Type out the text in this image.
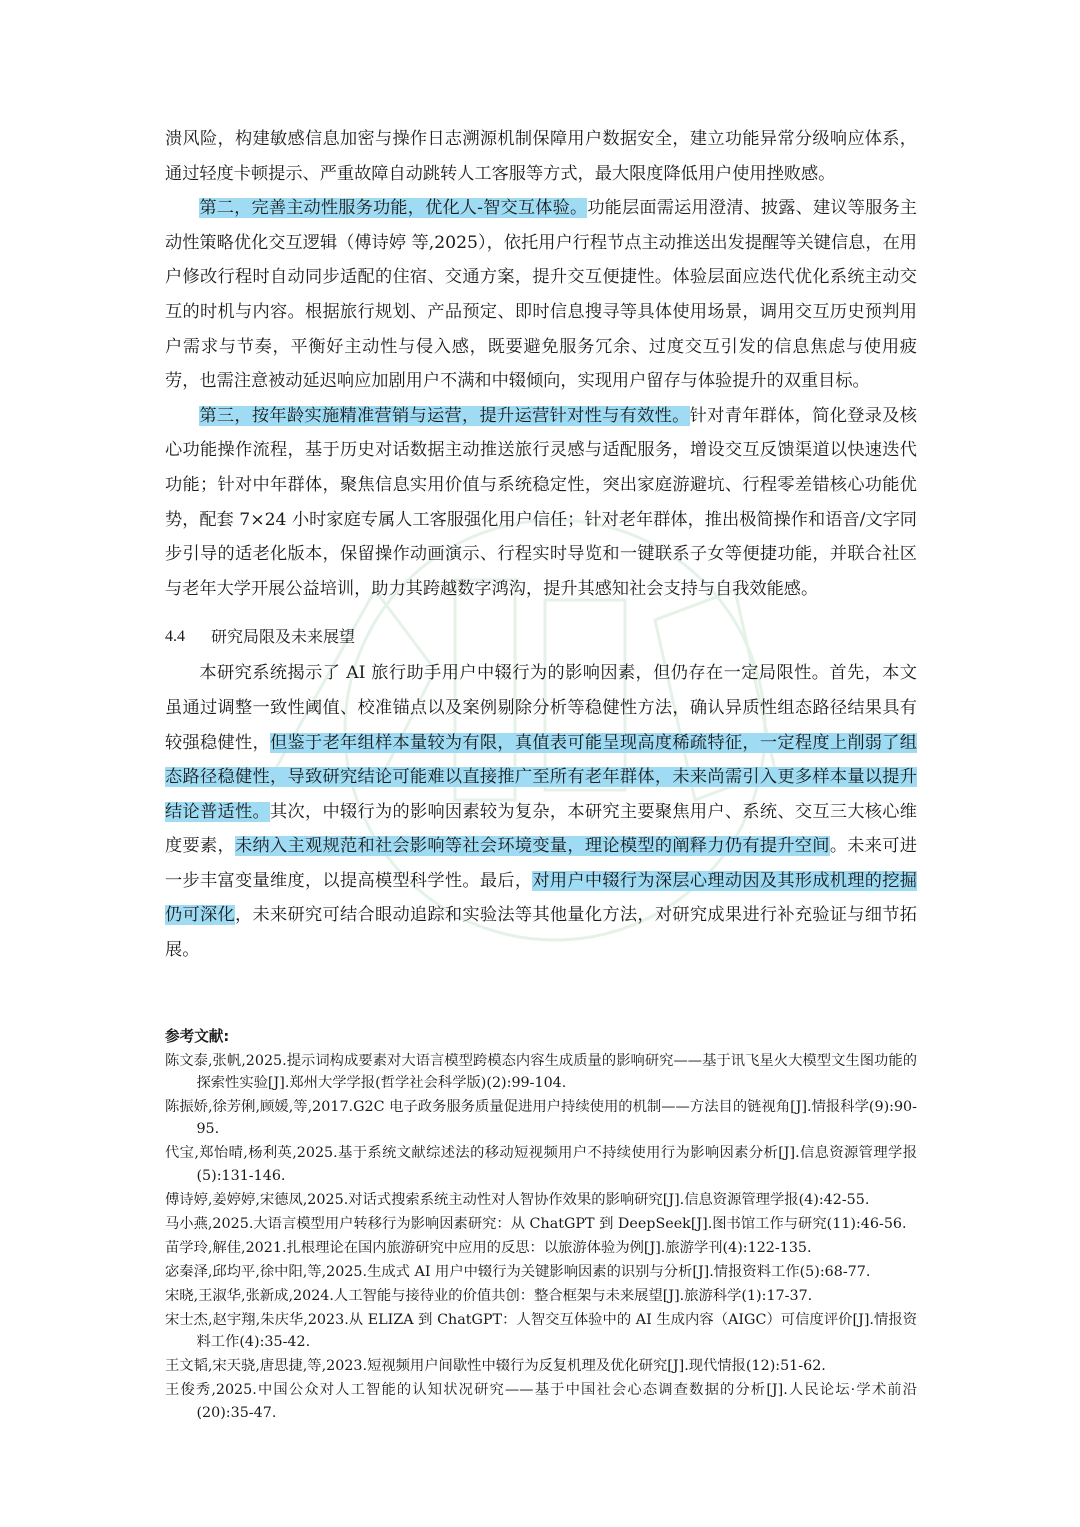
溃风险，构建敏感信息加密与操作日志溯源机制保障用户数据安全，建立功能异常分级响应体系，通过轻度卡顿提示、严重故障自动跳转人工客服等方式，最大限度降低用户使用挫败感。

第二，完善主动性服务功能，优化人-智交互体验。功能层面需运用澄清、披露、建议等服务主动性策略优化交互逻辑（傅诗婷 等,2025），依托用户行程节点主动推送出发提醒等关键信息，在用户修改行程时自动同步适配的住宿、交通方案，提升交互便捷性。体验层面应迭代优化系统主动交互的时机与内容。根据旅行规划、产品预定、即时信息搜寻等具体使用场景，调用交互历史预判用户需求与节奏，平衡好主动性与侵入感，既要避免服务冗余、过度交互引发的信息焦虑与使用疲劳，也需注意被动延迟响应加剧用户不满和中辍倾向，实现用户留存与体验提升的双重目标。

第三，按年龄实施精准营销与运营，提升运营针对性与有效性。针对青年群体，简化登录及核心功能操作流程，基于历史对话数据主动推送旅行灵感与适配服务，增设交互反馈渠道以快速迭代功能；针对中年群体，聚焦信息实用价值与系统稳定性，突出家庭游避坑、行程零差错核心功能优势，配套 7×24 小时家庭专属人工客服强化用户信任；针对老年群体，推出极简操作和语音/文字同步引导的适老化版本，保留操作动画演示、行程实时导览和一键联系子女等便捷功能，并联合社区与老年大学开展公益培训，助力其跨越数字鸿沟，提升其感知社会支持与自我效能感。

4.4 研究局限及未来展望

本研究系统揭示了 AI 旅行助手用户中辍行为的影响因素，但仍存在一定局限性。首先，本文虽通过调整一致性阈值、校准锚点以及案例剔除分析等稳健性方法，确认异质性组态路径结果具有较强稳健性，但鉴于老年组样本量较为有限，真值表可能呈现高度稀疏特征，一定程度上削弱了组态路径稳健性，导致研究结论可能难以直接推广至所有老年群体，未来尚需引入更多样本量以提升结论普适性。其次，中辍行为的影响因素较为复杂，本研究主要聚焦用户、系统、交互三大核心维度要素，未纳入主观规范和社会影响等社会环境变量，理论模型的阐释力仍有提升空间。未来可进一步丰富变量维度，以提高模型科学性。最后，对用户中辍行为深层心理动因及其形成机理的挖掘仍可深化，未来研究可结合眼动追踪和实验法等其他量化方法，对研究成果进行补充验证与细节拓展。

参考文献:
陈文泰,张帆,2025.提示词构成要素对大语言模型跨模态内容生成质量的影响研究——基于讯飞星火大模型文生图功能的探索性实验[J].郑州大学学报(哲学社会科学版)(2):99-104.
陈振娇,徐芳俐,顾媛,等,2017.G2C 电子政务服务质量促进用户持续使用的机制——方法目的链视角[J].情报科学(9):90-95.
代宝,郑怡晴,杨利英,2025.基于系统文献综述法的移动短视频用户不持续使用行为影响因素分析[J].信息资源管理学报(5):131-146.
傅诗婷,姜婷婷,宋德凤,2025.对话式搜索系统主动性对人智协作效果的影响研究[J].信息资源管理学报(4):42-55.
马小燕,2025.大语言模型用户转移行为影响因素研究：从 ChatGPT 到 DeepSeek[J].图书馆工作与研究(11):46-56.
苗学玲,解佳,2021.扎根理论在国内旅游研究中应用的反思：以旅游体验为例[J].旅游学刊(4):122-135.
宓秦泽,邱均平,徐中阳,等,2025.生成式 AI 用户中辍行为关键影响因素的识别与分析[J].情报资料工作(5):68-77.
宋晓,王淑华,张新成,2024.人工智能与接待业的价值共创：整合框架与未来展望[J].旅游科学(1):17-37.
宋士杰,赵宇翔,朱庆华,2023.从 ELIZA 到 ChatGPT：人智交互体验中的 AI 生成内容（AIGC）可信度评价[J].情报资料工作(4):35-42.
王文韬,宋天骁,唐思捷,等,2023.短视频用户间歇性中辍行为反复机理及优化研究[J].现代情报(12):51-62.
王俊秀,2025.中国公众对人工智能的认知状况研究——基于中国社会心态调查数据的分析[J].人民论坛·学术前沿(20):35-47.
